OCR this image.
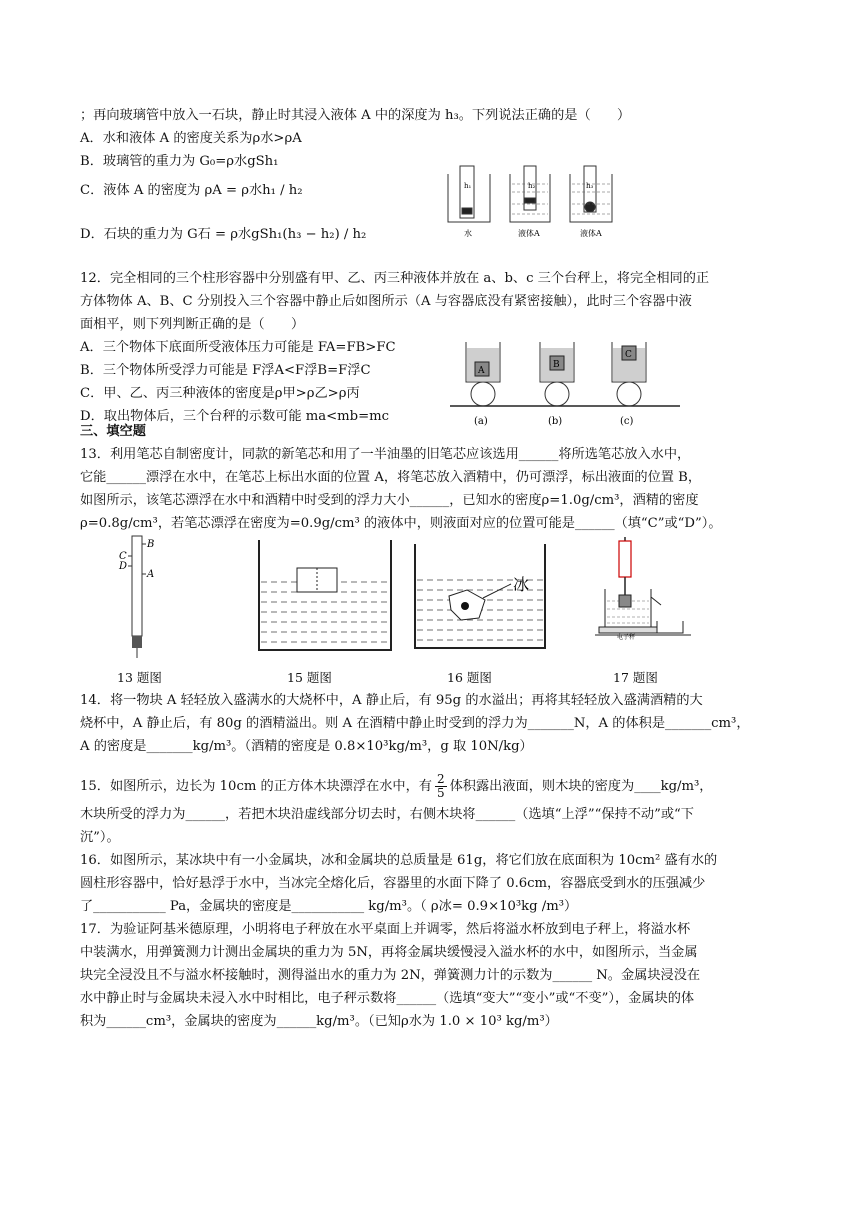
；再向玻璃管中放入一石块，静止时其浸入液体 A 中的深度为 h₃。下列说法正确的是（　　）
A．水和液体 A 的密度关系为ρ水>ρA
B．玻璃管的重力为 G₀=ρ水gSh₁
C．液体 A 的密度为 ρA = ρ水h₁ / h₂
D．石块的重力为 G石 = ρ水gSh₁(h₃ − h₂) / h₂
h₁	h₂	h₃
水	液体A	液体A
12．完全相同的三个柱形容器中分别盛有甲、乙、丙三种液体并放在 a、b、c 三个台秤上，将完全相同的正
方体物体 A、B、C 分别投入三个容器中静止后如图所示（A 与容器底没有紧密接触），此时三个容器中液
面相平，则下列判断正确的是（　　）
A．三个物体下底面所受液体压力可能是 FA=FB>FC
B．三个物体所受浮力可能是 F浮A<F浮B=F浮C
C．甲、乙、丙三种液体的密度是ρ甲>ρ乙>ρ丙
D．取出物体后，三个台秤的示数可能 ma<mb=mc
A
B
C
(a)	(b)	(c)
三、填空题
13．利用笔芯自制密度计，同款的新笔芯和用了一半油墨的旧笔芯应该选用______将所选笔芯放入水中，
它能______漂浮在水中，在笔芯上标出水面的位置 A，将笔芯放入酒精中，仍可漂浮，标出液面的位置 B，
如图所示，该笔芯漂浮在水中和酒精中时受到的浮力大小______，已知水的密度ρ=1.0g/cm³，酒精的密度
ρ=0.8g/cm³，若笔芯漂浮在密度为=0.9g/cm³ 的液体中，则液面对应的位置可能是______（填“C”或“D”）。
B
C
D
A
冰
电子秤
13 题图	15 题图	16 题图	17 题图
14．将一物块 A 轻轻放入盛满水的大烧杯中，A 静止后，有 95g 的水溢出；再将其轻轻放入盛满酒精的大
烧杯中，A 静止后，有 80g 的酒精溢出。则 A 在酒精中静止时受到的浮力为_______N，A 的体积是_______cm³，
A 的密度是_______kg/m³。（酒精的密度是 0.8×10³kg/m³，g 取 10N/kg）
15．如图所示，边长为 10cm 的正方体木块漂浮在水中，有 $\frac{2}{5}$ 体积露出液面，则木块的密度为____kg/m³，
木块所受的浮力为______，若把木块沿虚线部分切去时，右侧木块将______（选填“上浮”“保持不动”或“下
沉”）。
16．如图所示，某冰块中有一小金属块，冰和金属块的总质量是 61g，将它们放在底面积为 10cm² 盛有水的
圆柱形容器中，恰好悬浮于水中，当冰完全熔化后，容器里的水面下降了 0.6cm，容器底受到水的压强减少
了___________ Pa，金属块的密度是___________ kg/m³。（ ρ冰= 0.9×10³kg /m³）
17．为验证阿基米德原理，小明将电子秤放在水平桌面上并调零，然后将溢水杯放到电子秤上，将溢水杯
中装满水，用弹簧测力计测出金属块的重力为 5N，再将金属块缓慢浸入溢水杯的水中，如图所示，当金属
块完全浸没且不与溢水杯接触时，测得溢出水的重力为 2N，弹簧测力计的示数为______ N。金属块浸没在
水中静止时与金属块未浸入水中时相比，电子秤示数将______（选填“变大”“变小”或“不变”），金属块的体
积为______cm³，金属块的密度为______kg/m³。（已知ρ水为 1.0 × 10³ kg/m³）
